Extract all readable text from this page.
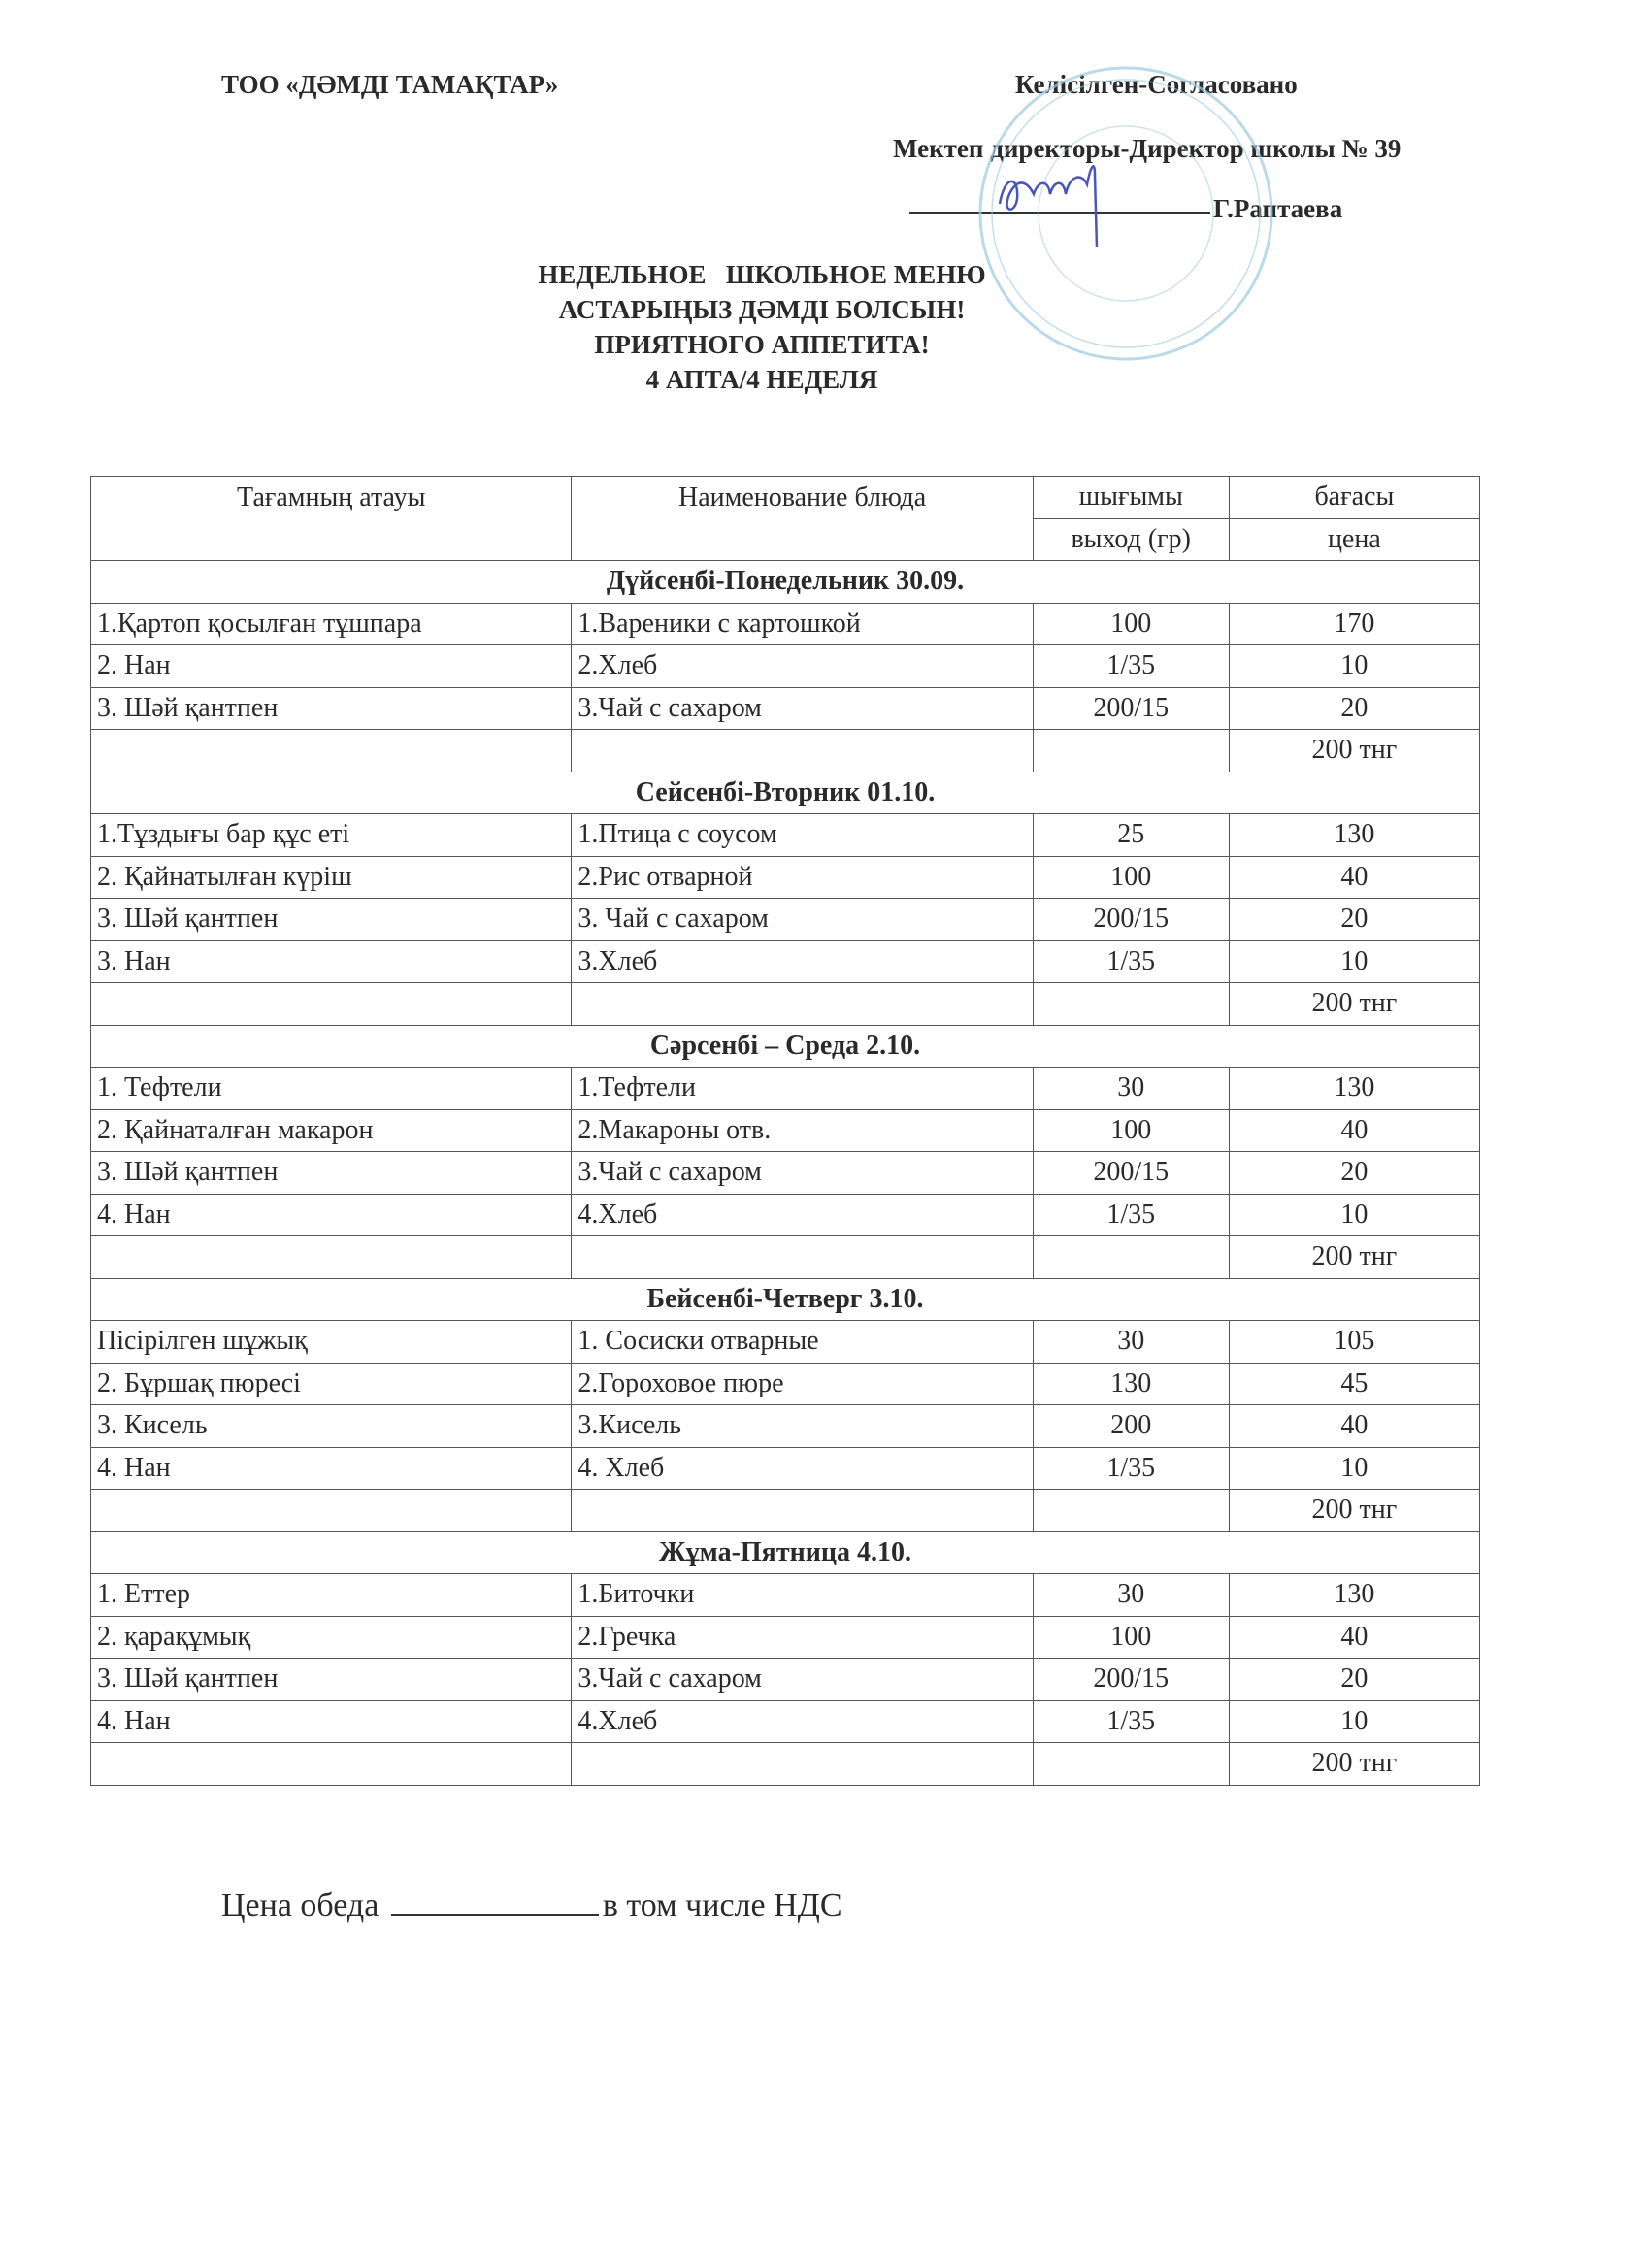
ТОО «ДӘМДІ ТАМАҚТАР»	Келісілген-Согласовано
Мектеп директоры-Директор школы № 39
Г.Раптаева
НЕДЕЛЬНОЕ   ШКОЛЬНОЕ МЕНЮ
АСТАРЫҢЫЗ ДӘМДІ БОЛСЫН!
ПРИЯТНОГО АППЕТИТА!
4 АПТА/4 НЕДЕЛЯ
Тағамның атауы	Наименование блюда	шығымы	бағасы
		выход (гр)	цена
Дүйсенбі-Понедельник 30.09.			
1.Қартоп қосылған тұшпара	1.Вареники с картошкой	100	170
2. Нан	2.Хлеб	1/35	10
3. Шәй қантпен	3.Чай с сахаром	200/15	20
			200 тнг
Сейсенбі-Вторник 01.10.			
1.Тұздығы бар құс еті	1.Птица с соусом	25	130
2. Қайнатылған күріш	2.Рис отварной	100	40
3. Шәй қантпен	3. Чай с сахаром	200/15	20
3. Нан	3.Хлеб	1/35	10
			200 тнг
Сәрсенбі – Среда 2.10.			
1. Тефтели	1.Тефтели	30	130
2. Қайнаталған макарон	2.Макароны отв.	100	40
3. Шәй қантпен	3.Чай с сахаром	200/15	20
4. Нан	4.Хлеб	1/35	10
			200 тнг
Бейсенбі-Четверг 3.10.			
Пісірілген шұжық	1. Сосиски отварные	30	105
2. Бұршақ пюресі	2.Гороховое пюре	130	45
3. Кисель	3.Кисель	200	40
4. Нан	4. Хлеб	1/35	10
			200 тнг
Жұма-Пятница 4.10.			
1. Еттер	1.Биточки	30	130
2. қарақұмық	2.Гречка	100	40
3. Шәй қантпен	3.Чай с сахаром	200/15	20
4. Нан	4.Хлеб	1/35	10
			200 тнг
Цена обеда	в том числе НДС
